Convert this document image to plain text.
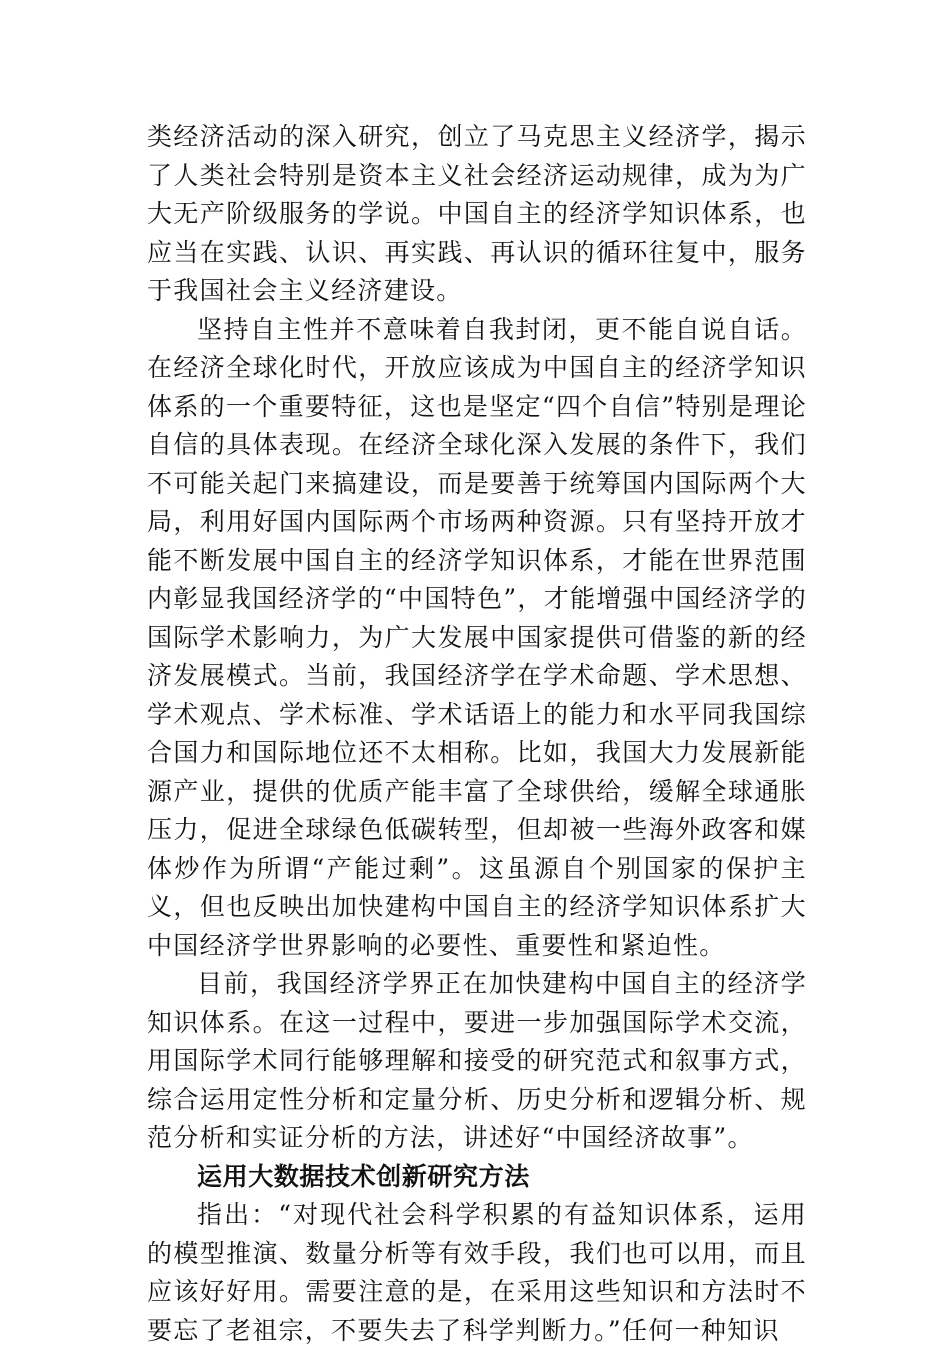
类经济活动的深入研究，创立了马克思主义经济学，揭示了人类社会特别是资本主义社会经济运动规律，成为为广大无产阶级服务的学说。中国自主的经济学知识体系，也应当在实践、认识、再实践、再认识的循环往复中，服务于我国社会主义经济建设。

坚持自主性并不意味着自我封闭，更不能自说自话。在经济全球化时代，开放应该成为中国自主的经济学知识体系的一个重要特征，这也是坚定“四个自信”特别是理论自信的具体表现。在经济全球化深入发展的条件下，我们不可能关起门来搞建设，而是要善于统筹国内国际两个大局，利用好国内国际两个市场两种资源。只有坚持开放才能不断发展中国自主的经济学知识体系，才能在世界范围内彰显我国经济学的“中国特色”，才能增强中国经济学的国际学术影响力，为广大发展中国家提供可借鉴的新的经济发展模式。当前，我国经济学在学术命题、学术思想、学术观点、学术标准、学术话语上的能力和水平同我国综合国力和国际地位还不太相称。比如，我国大力发展新能源产业，提供的优质产能丰富了全球供给，缓解全球通胀压力，促进全球绿色低碳转型，但却被一些海外政客和媒体炒作为所谓“产能过剩”。这虽源自个别国家的保护主义，但也反映出加快建构中国自主的经济学知识体系扩大中国经济学世界影响的必要性、重要性和紧迫性。

目前，我国经济学界正在加快建构中国自主的经济学知识体系。在这一过程中，要进一步加强国际学术交流，用国际学术同行能够理解和接受的研究范式和叙事方式，综合运用定性分析和定量分析、历史分析和逻辑分析、规范分析和实证分析的方法，讲述好“中国经济故事”。

运用大数据技术创新研究方法

指出：“对现代社会科学积累的有益知识体系，运用的模型推演、数量分析等有效手段，我们也可以用，而且应该好好用。需要注意的是，在采用这些知识和方法时不要忘了老祖宗，不要失去了科学判断力。”任何一种知识
